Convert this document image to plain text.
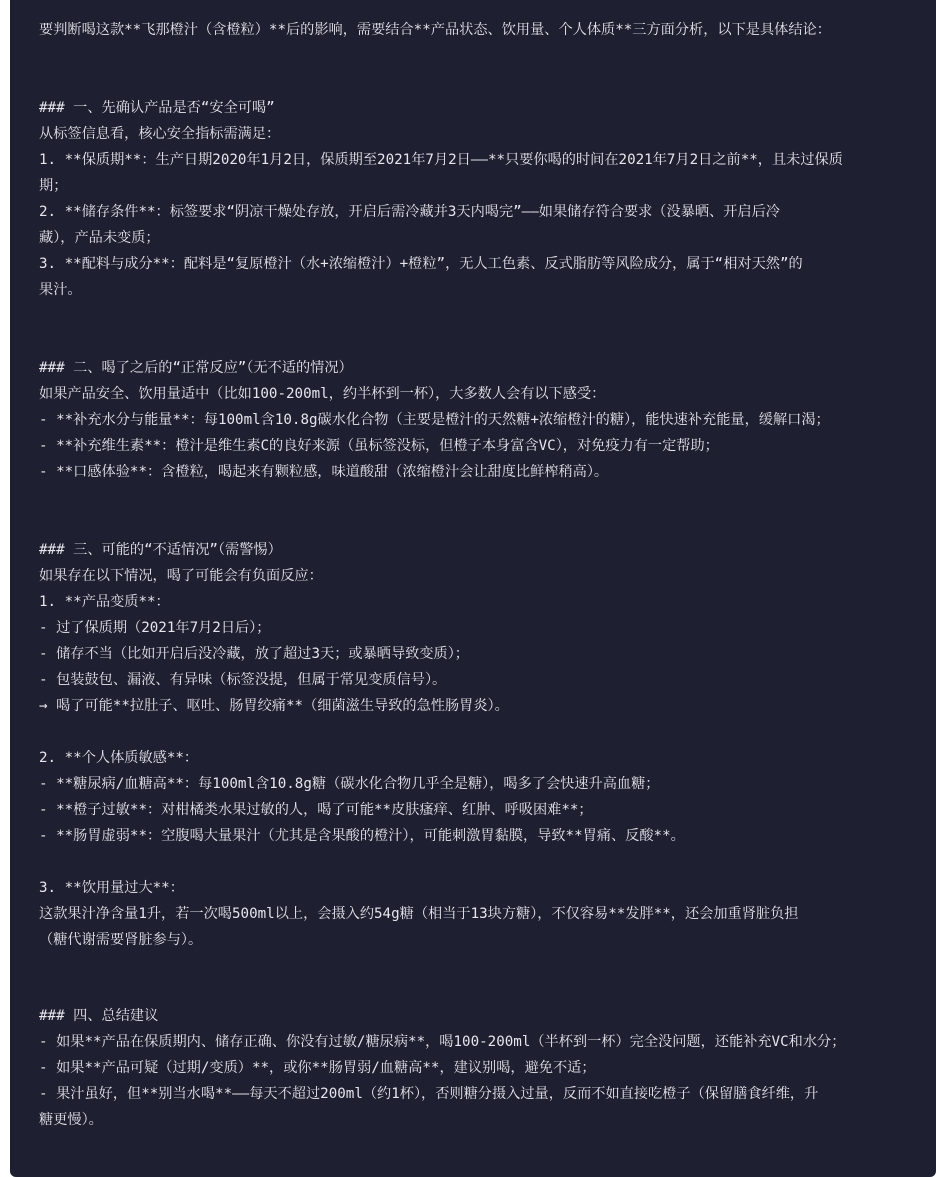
要判断喝这款**飞那橙汁（含橙粒）**后的影响，需要结合**产品状态、饮用量、个人体质**三方面分析，以下是具体结论：

### 一、先确认产品是否“安全可喝”

从标签信息看，核心安全指标需满足：

1. **保质期**：生产日期2020年1月2日，保质期至2021年7月2日——**只要你喝的时间在2021年7月2日之前**，且未过保质

期；

2. **储存条件**：标签要求“阴凉干燥处存放，开启后需冷藏并3天内喝完”——如果储存符合要求（没暴晒、开启后冷

藏），产品未变质；

3. **配料与成分**：配料是“复原橙汁（水+浓缩橙汁）+橙粒”，无人工色素、反式脂肪等风险成分，属于“相对天然”的

果汁。

### 二、喝了之后的“正常反应”（无不适的情况）

如果产品安全、饮用量适中（比如100-200ml，约半杯到一杯），大多数人会有以下感受：

- **补充水分与能量**：每100ml含10.8g碳水化合物（主要是橙汁的天然糖+浓缩橙汁的糖），能快速补充能量，缓解口渴；

- **补充维生素**：橙汁是维生素C的良好来源（虽标签没标，但橙子本身富含VC），对免疫力有一定帮助；

- **口感体验**：含橙粒，喝起来有颗粒感，味道酸甜（浓缩橙汁会让甜度比鲜榨稍高）。

### 三、可能的“不适情况”（需警惕）

如果存在以下情况，喝了可能会有负面反应：

1. **产品变质**：

- 过了保质期（2021年7月2日后）；

- 储存不当（比如开启后没冷藏，放了超过3天；或暴晒导致变质）；

- 包装鼓包、漏液、有异味（标签没提，但属于常见变质信号）。

→ 喝了可能**拉肚子、呕吐、肠胃绞痛**（细菌滋生导致的急性肠胃炎）。

2. **个人体质敏感**：

- **糖尿病/血糖高**：每100ml含10.8g糖（碳水化合物几乎全是糖），喝多了会快速升高血糖；

- **橙子过敏**：对柑橘类水果过敏的人，喝了可能**皮肤瘙痒、红肿、呼吸困难**；

- **肠胃虚弱**：空腹喝大量果汁（尤其是含果酸的橙汁），可能刺激胃黏膜，导致**胃痛、反酸**。

3. **饮用量过大**：

这款果汁净含量1升，若一次喝500ml以上，会摄入约54g糖（相当于13块方糖），不仅容易**发胖**，还会加重肾脏负担

（糖代谢需要肾脏参与）。

### 四、总结建议

- 如果**产品在保质期内、储存正确、你没有过敏/糖尿病**，喝100-200ml（半杯到一杯）完全没问题，还能补充VC和水分；

- 如果**产品可疑（过期/变质）**，或你**肠胃弱/血糖高**，建议别喝，避免不适；

- 果汁虽好，但**别当水喝**——每天不超过200ml（约1杯），否则糖分摄入过量，反而不如直接吃橙子（保留膳食纤维，升

糖更慢）。
